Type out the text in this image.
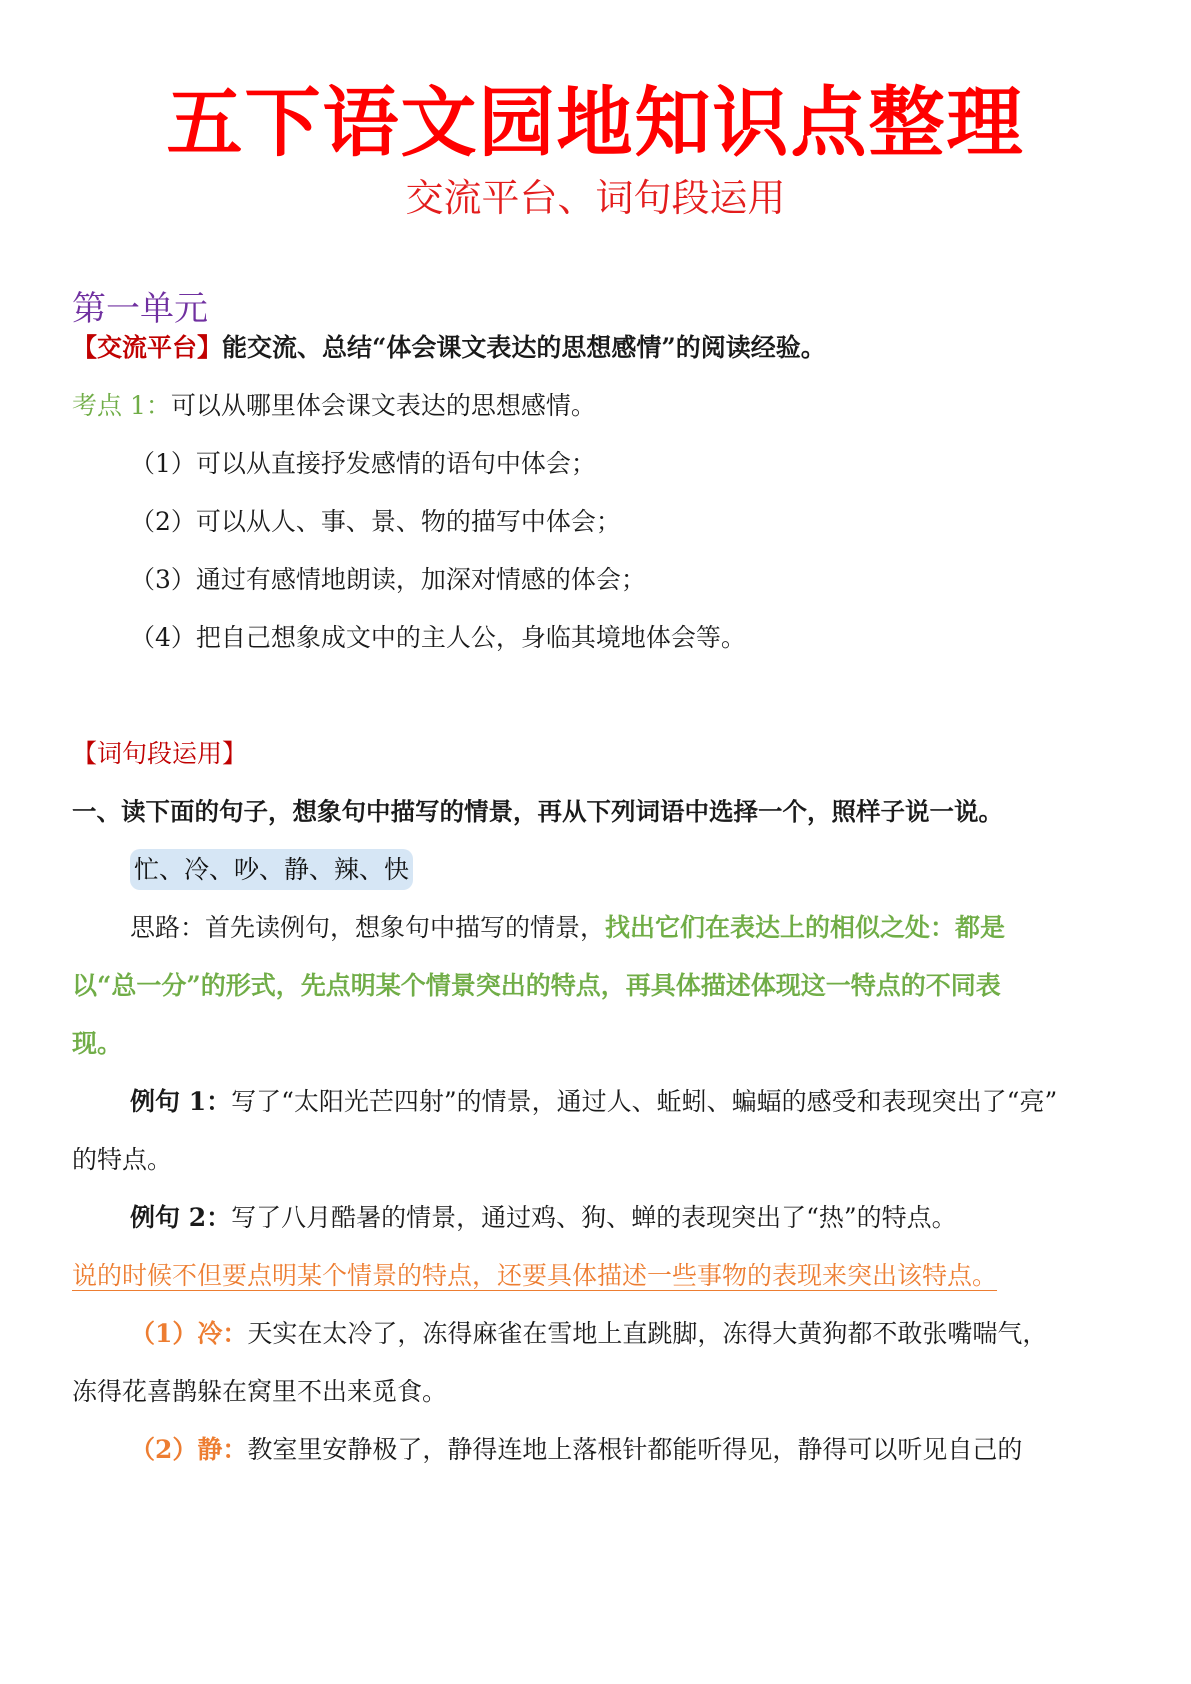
五下语文园地知识点整理
交流平台、词句段运用
第一单元
【交流平台】能交流、总结“体会课文表达的思想感情”的阅读经验。
考点 1：可以从哪里体会课文表达的思想感情。
（1）可以从直接抒发感情的语句中体会；
（2）可以从人、事、景、物的描写中体会；
（3）通过有感情地朗读，加深对情感的体会；
（4）把自己想象成文中的主人公，身临其境地体会等。
【词句段运用】
一、读下面的句子，想象句中描写的情景，再从下列词语中选择一个，照样子说一说。
忙、冷、吵、静、辣、快
思路：首先读例句，想象句中描写的情景，找出它们在表达上的相似之处：都是
以“总一分”的形式，先点明某个情景突出的特点，再具体描述体现这一特点的不同表
现。
例句 1：写了“太阳光芒四射”的情景，通过人、蚯蚓、蝙蝠的感受和表现突出了“亮”
的特点。
例句 2：写了八月酷暑的情景，通过鸡、狗、蝉的表现突出了“热”的特点。
说的时候不但要点明某个情景的特点，还要具体描述一些事物的表现来突出该特点。
（1）冷：天实在太冷了，冻得麻雀在雪地上直跳脚，冻得大黄狗都不敢张嘴喘气，
冻得花喜鹊躲在窝里不出来觅食。
（2）静：教室里安静极了，静得连地上落根针都能听得见，静得可以听见自己的
